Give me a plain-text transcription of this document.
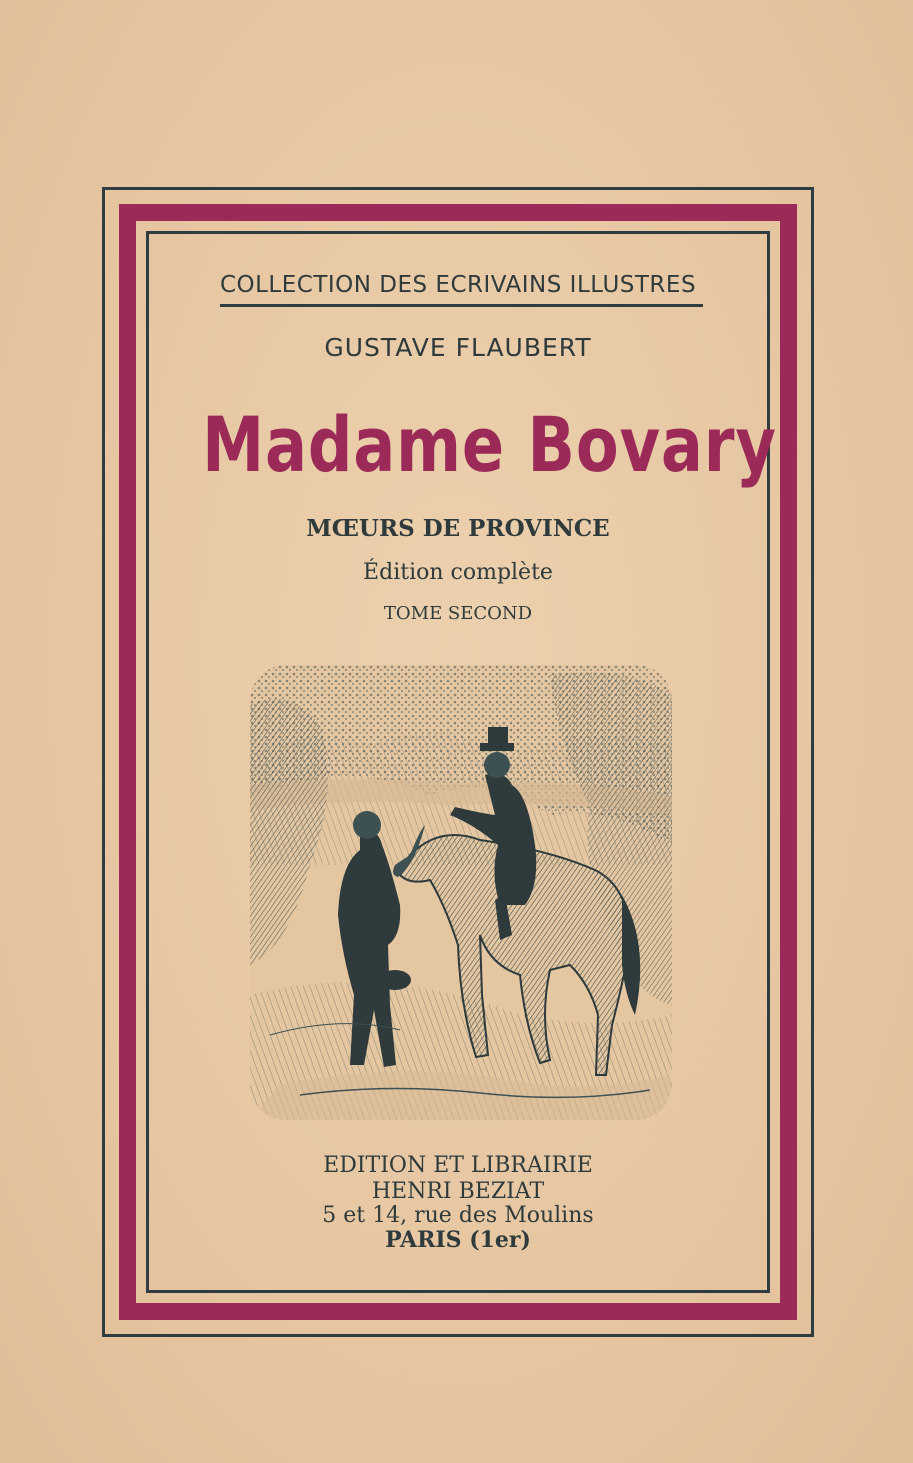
COLLECTION DES ECRIVAINS ILLUSTRES
GUSTAVE FLAUBERT
Madame Bovary
MŒURS DE PROVINCE
Édition complète
TOME SECOND
EDITION ET LIBRAIRIE
HENRI BEZIAT
5 et 14, rue des Moulins
PARIS (1er)
